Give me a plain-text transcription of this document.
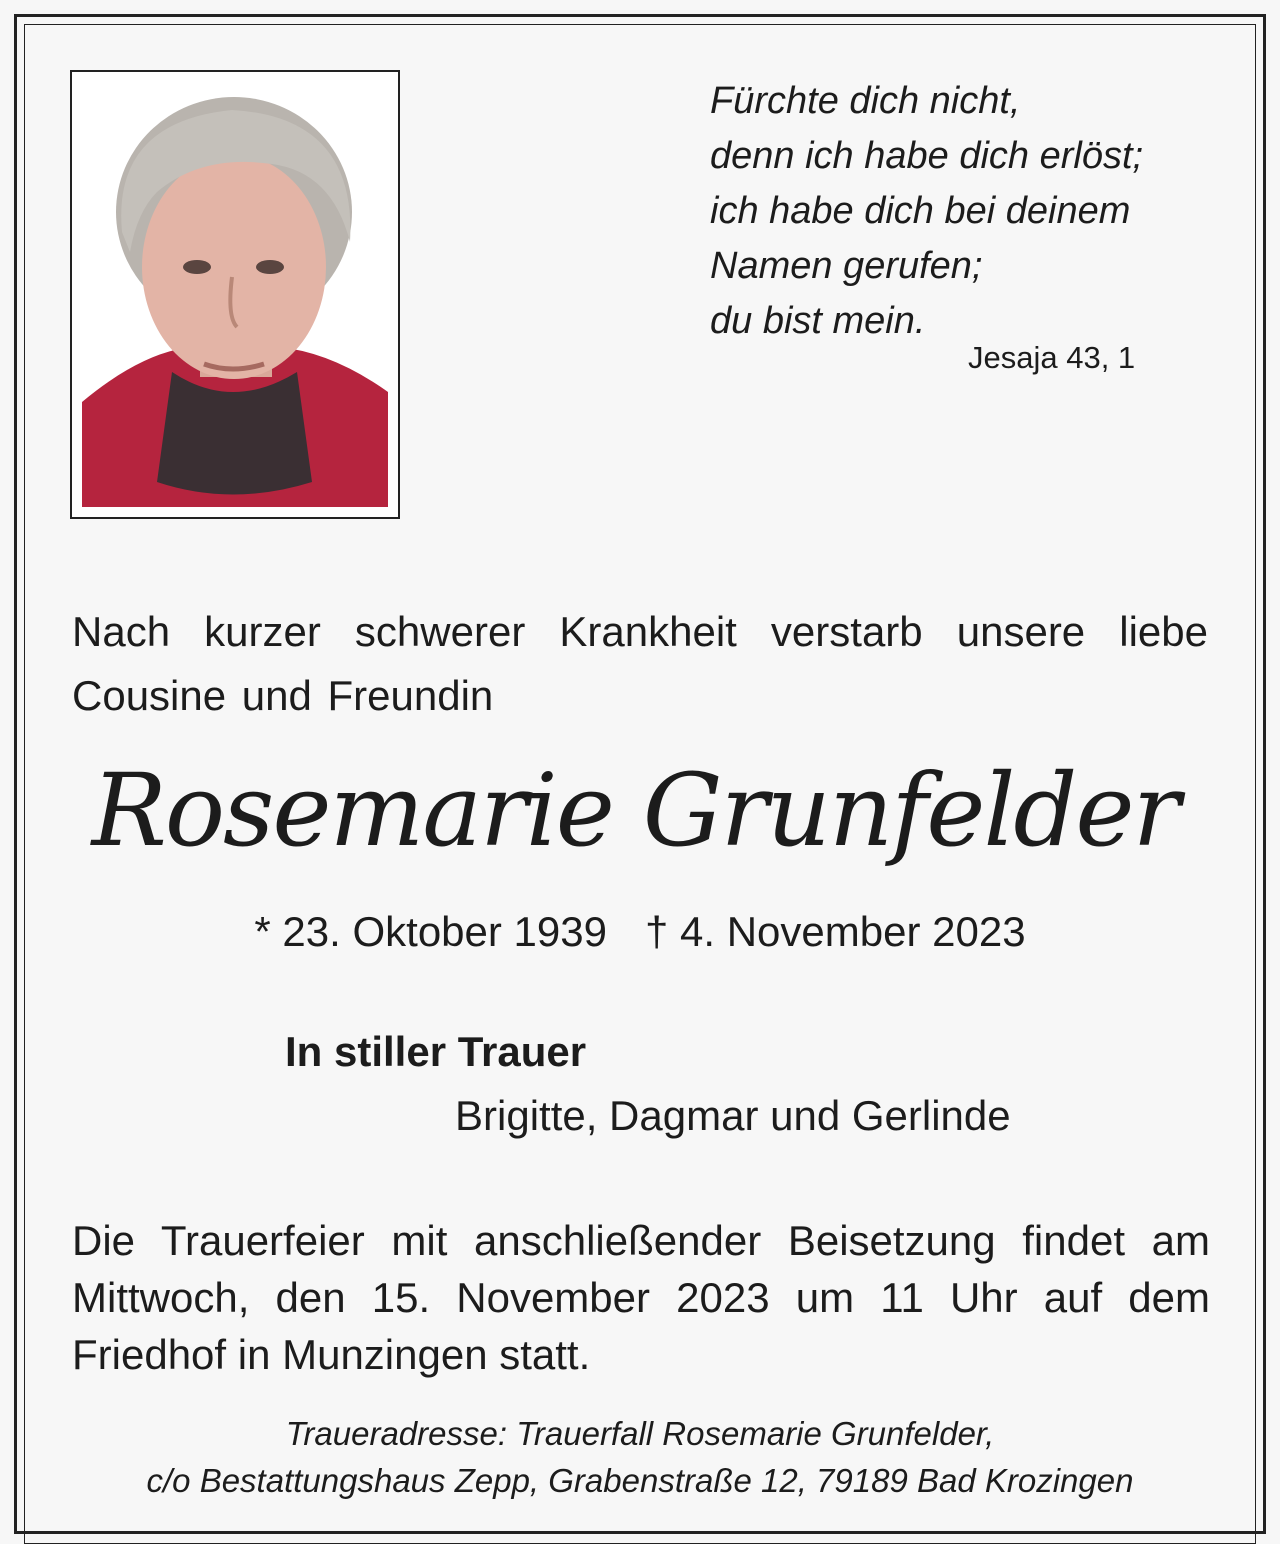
Fürchte dich nicht,
denn ich habe dich erlöst;
ich habe dich bei deinem
Namen gerufen;
du bist mein.
Jesaja 43, 1
Nach kurzer schwerer Krankheit verstarb unsere liebe Cousine und Freundin
Rosemarie Grunfelder
* 23. Oktober 1939 † 4. November 2023
In stiller Trauer
Brigitte, Dagmar und Gerlinde
Die Trauerfeier mit anschließender Beisetzung findet am Mittwoch, den 15. November 2023 um 11 Uhr auf dem Friedhof in Munzingen statt.
Traueradresse: Trauerfall Rosemarie Grunfelder,
c/o Bestattungshaus Zepp, Grabenstraße 12, 79189 Bad Krozingen
